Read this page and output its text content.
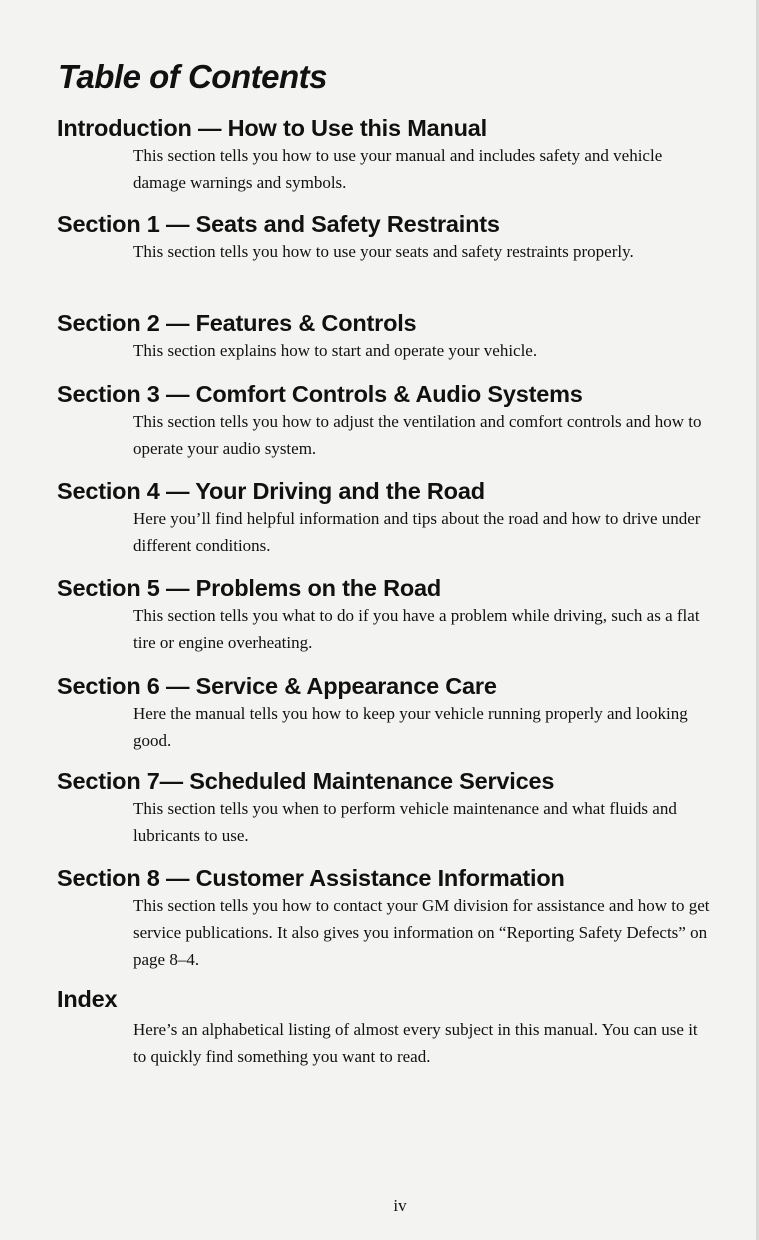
Table of Contents
Introduction — How to Use this Manual

This section tells you how to use your manual and includes safety and vehicle damage warnings and symbols.

Section 1 — Seats and Safety Restraints

This section tells you how to use your seats and safety restraints properly.

Section 2 — Features & Controls

This section explains how to start and operate your vehicle.

Section 3 — Comfort Controls & Audio Systems

This section tells you how to adjust the ventilation and comfort controls and how to operate your audio system.

Section 4 — Your Driving and the Road

Here you’ll find helpful information and tips about the road and how to drive under different conditions.

Section 5 — Problems on the Road

This section tells you what to do if you have a problem while driving, such as a flat tire or engine overheating.

Section 6 — Service & Appearance Care

Here the manual tells you how to keep your vehicle running properly and looking good.

Section 7— Scheduled Maintenance Services

This section tells you when to perform vehicle maintenance and what fluids and lubricants to use.

Section 8 — Customer Assistance Information

This section tells you how to contact your GM division for assistance and how to get service publications. It also gives you information on “Reporting Safety Defects” on page 8–4.

Index

Here’s an alphabetical listing of almost every subject in this manual. You can use it to quickly find something you want to read.

iv
